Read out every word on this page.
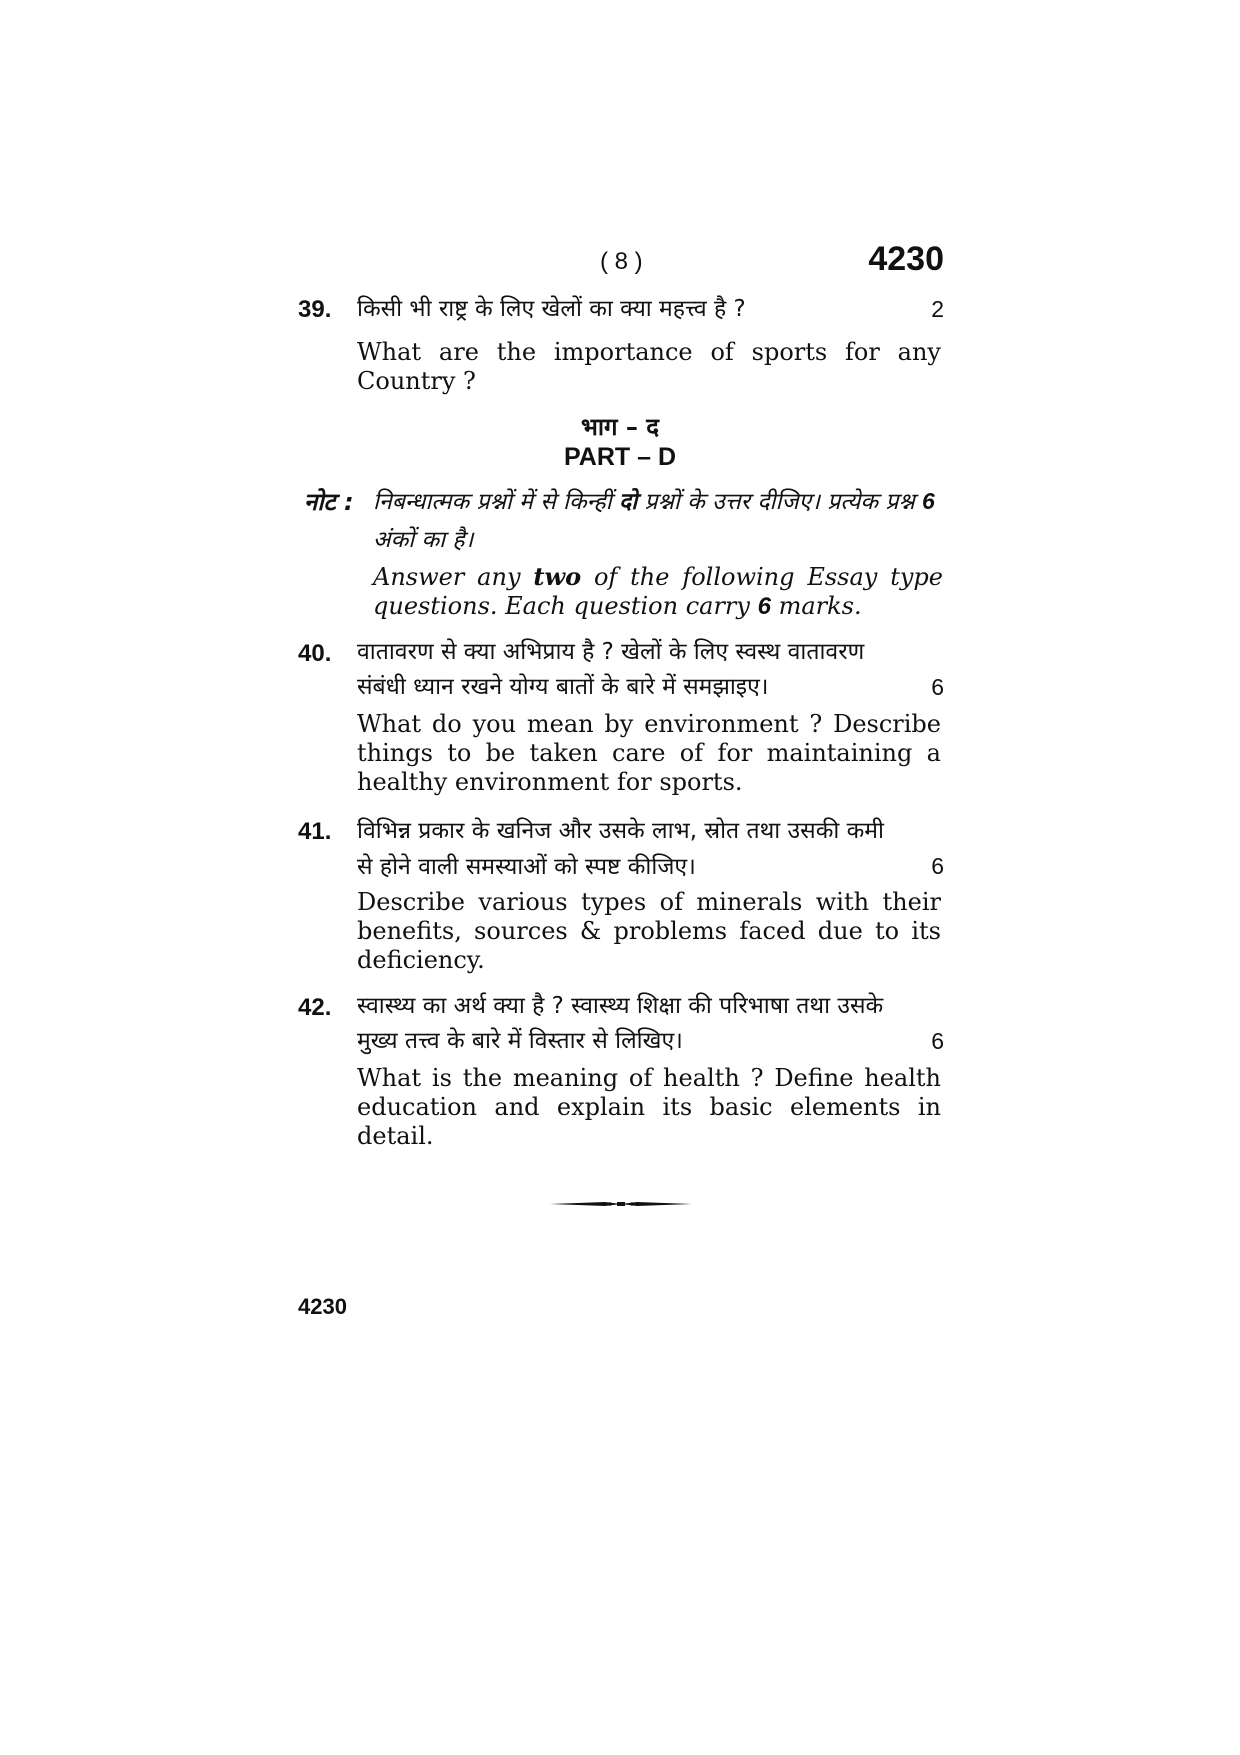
( 8 )	4230
39. किसी भी राष्ट्र के लिए खेलों का क्या महत्त्व है ?	2
What are the importance of sports for any Country ?
भाग – द
PART – D
नोट : निबन्धात्मक प्रश्नों में से किन्हीं दो प्रश्नों के उत्तर दीजिए। प्रत्येक प्रश्न 6 अंकों का है।
Answer any two of the following Essay type questions. Each question carry 6 marks.
40. वातावरण से क्या अभिप्राय है ? खेलों के लिए स्वस्थ वातावरण
संबंधी ध्यान रखने योग्य बातों के बारे में समझाइए।	6
What do you mean by environment ? Describe things to be taken care of for maintaining a healthy environment for sports.
41. विभिन्न प्रकार के खनिज और उसके लाभ, स्रोत तथा उसकी कमी
से होने वाली समस्याओं को स्पष्ट कीजिए।	6
Describe various types of minerals with their benefits, sources & problems faced due to its deficiency.
42. स्वास्थ्य का अर्थ क्या है ? स्वास्थ्य शिक्षा की परिभाषा तथा उसके
मुख्य तत्त्व के बारे में विस्तार से लिखिए।	6
What is the meaning of health ? Define health education and explain its basic elements in detail.
4230
